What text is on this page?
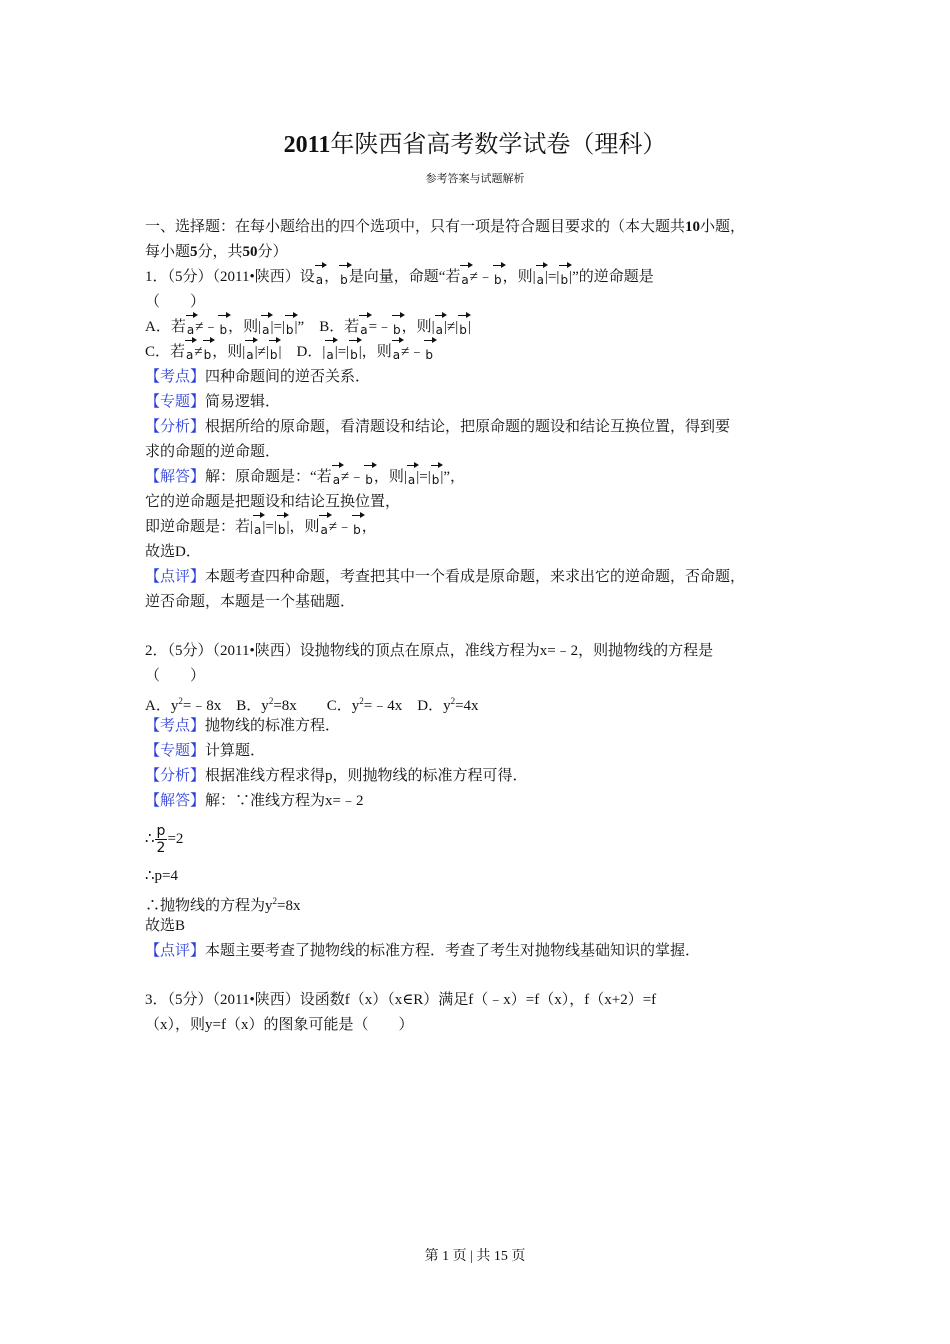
2011年陕西省高考数学试卷（理科）
参考答案与试题解析
一、选择题：在每小题给出的四个选项中，只有一项是符合题目要求的（本大题共10小题，
每小题5分，共50分）
1．（5分）（2011•陕西）设a，b是向量，命题“若a≠﹣b，则|a|=|b|”的逆命题是
（　　）
A．若a≠﹣b，则|a|=|b|”　B．若a=﹣b，则|a|≠|b|
C．若a≠b，则|a|≠|b|　D．|a|=|b|，则a≠﹣b
【考点】四种命题间的逆否关系．
【专题】简易逻辑．
【分析】根据所给的原命题，看清题设和结论，把原命题的题设和结论互换位置，得到要
求的命题的逆命题．
【解答】解：原命题是：“若a≠﹣b，则|a|=|b|”，
它的逆命题是把题设和结论互换位置，
即逆命题是：若|a|=|b|，则a≠﹣b，
故选D．
【点评】本题考查四种命题，考查把其中一个看成是原命题，来求出它的逆命题，否命题，
逆否命题，本题是一个基础题．
2．（5分）（2011•陕西）设抛物线的顶点在原点，准线方程为x=﹣2，则抛物线的方程是
（　　）
A．$y^2=﹣8x$　B．$y^2=8x$　　C．$y^2=﹣4x$　D．$y^2=4x$
【考点】抛物线的标准方程．
【专题】计算题．
【分析】根据准线方程求得p，则抛物线的标准方程可得．
【解答】解：∵准线方程为x=﹣2
∴ $\frac{p}{2} =2$
∴p=4
∴抛物线的方程为$y^2=8x$
故选B
【点评】本题主要考查了抛物线的标准方程．考查了考生对抛物线基础知识的掌握．
3．（5分）（2011•陕西）设函数f（x）（x∈R）满足f（﹣x）=f（x），f（x+2）=f
（x），则y=f（x）的图象可能是（　　）
第 1 页 | 共 15 页
